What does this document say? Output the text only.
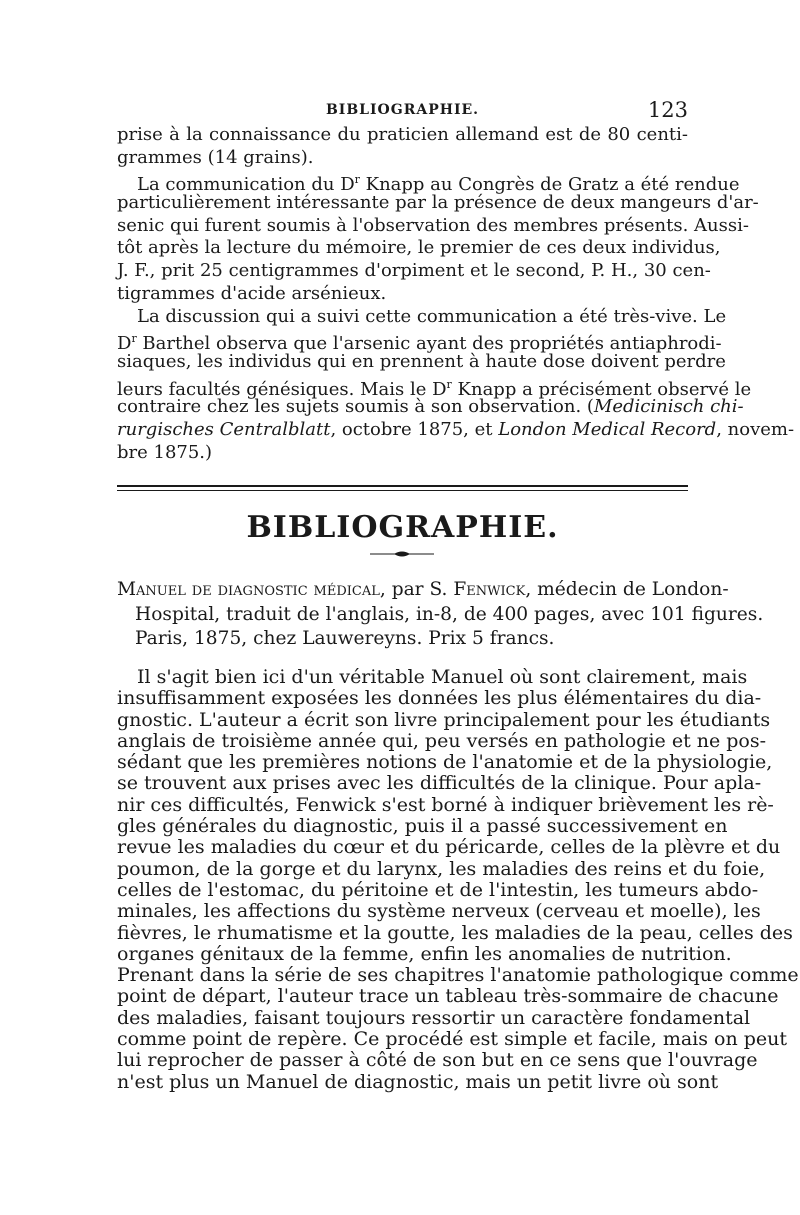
BIBLIOGRAPHIE.	123
prise à la connaissance du praticien allemand est de 80 centi-
grammes (14 grains).
La communication du $D^r$ Knapp au Congrès de Gratz a été rendue
particulièrement intéressante par la présence de deux mangeurs d'ar-
senic qui furent soumis à l'observation des membres présents. Aussi-
tôt après la lecture du mémoire, le premier de ces deux individus,
J. F., prit 25 centigrammes d'orpiment et le second, P. H., 30 cen-
tigrammes d'acide arsénieux.
La discussion qui a suivi cette communication a été très-vive. Le
$D^r$ Barthel observa que l'arsenic ayant des propriétés antiaphrodi-
siaques, les individus qui en prennent à haute dose doivent perdre
leurs facultés génésiques. Mais le $D^r$ Knapp a précisément observé le
contraire chez les sujets soumis à son observation. (Medicinisch chi-
rurgisches Centralblatt, octobre 1875, et London Medical Record, novem-
bre 1875.)
BIBLIOGRAPHIE.
Manuel de diagnostic médical, par S. Fenwick, médecin de London-
Hospital, traduit de l'anglais, in-8, de 400 pages, avec 101 figures.
Paris, 1875, chez Lauwereyns. Prix 5 francs.
Il s'agit bien ici d'un véritable Manuel où sont clairement, mais
insuffisamment exposées les données les plus élémentaires du dia-
gnostic. L'auteur a écrit son livre principalement pour les étudiants
anglais de troisième année qui, peu versés en pathologie et ne pos-
sédant que les premières notions de l'anatomie et de la physiologie,
se trouvent aux prises avec les difficultés de la clinique. Pour apla-
nir ces difficultés, Fenwick s'est borné à indiquer brièvement les rè-
gles générales du diagnostic, puis il a passé successivement en
revue les maladies du cœur et du péricarde, celles de la plèvre et du
poumon, de la gorge et du larynx, les maladies des reins et du foie,
celles de l'estomac, du péritoine et de l'intestin, les tumeurs abdo-
minales, les affections du système nerveux (cerveau et moelle), les
fièvres, le rhumatisme et la goutte, les maladies de la peau, celles des
organes génitaux de la femme, enfin les anomalies de nutrition.
Prenant dans la série de ses chapitres l'anatomie pathologique comme
point de départ, l'auteur trace un tableau très-sommaire de chacune
des maladies, faisant toujours ressortir un caractère fondamental
comme point de repère. Ce procédé est simple et facile, mais on peut
lui reprocher de passer à côté de son but en ce sens que l'ouvrage
n'est plus un Manuel de diagnostic, mais un petit livre où sont
